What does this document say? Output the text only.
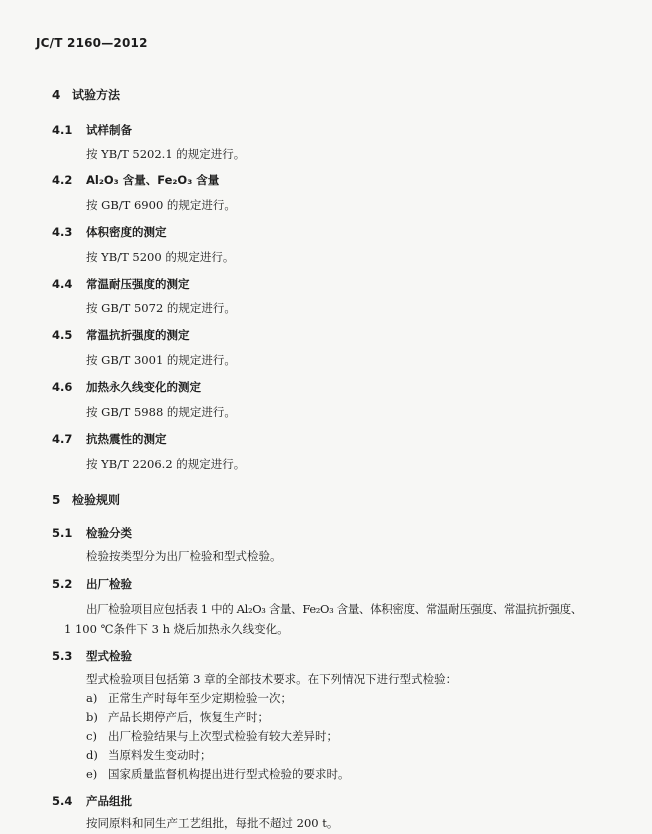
JC/T 2160—2012
4 试验方法
4.1 试样制备
按 YB/T 5202.1 的规定进行。
4.2 Al₂O₃ 含量、Fe₂O₃ 含量
按 GB/T 6900 的规定进行。
4.3 体积密度的测定
按 YB/T 5200 的规定进行。
4.4 常温耐压强度的测定
按 GB/T 5072 的规定进行。
4.5 常温抗折强度的测定
按 GB/T 3001 的规定进行。
4.6 加热永久线变化的测定
按 GB/T 5988 的规定进行。
4.7 抗热震性的测定
按 YB/T 2206.2 的规定进行。
5 检验规则
5.1 检验分类
检验按类型分为出厂检验和型式检验。
5.2 出厂检验
出厂检验项目应包括表 1 中的 Al₂O₃ 含量、Fe₂O₃ 含量、体积密度、常温耐压强度、常温抗折强度、
1 100 ℃条件下 3 h 烧后加热永久线变化。
5.3 型式检验
型式检验项目包括第 3 章的全部技术要求。在下列情况下进行型式检验：
a) 正常生产时每年至少定期检验一次；
b) 产品长期停产后，恢复生产时；
c) 出厂检验结果与上次型式检验有较大差异时；
d) 当原料发生变动时；
e) 国家质量监督机构提出进行型式检验的要求时。
5.4 产品组批
按同原料和同生产工艺组批，每批不超过 200 t。
